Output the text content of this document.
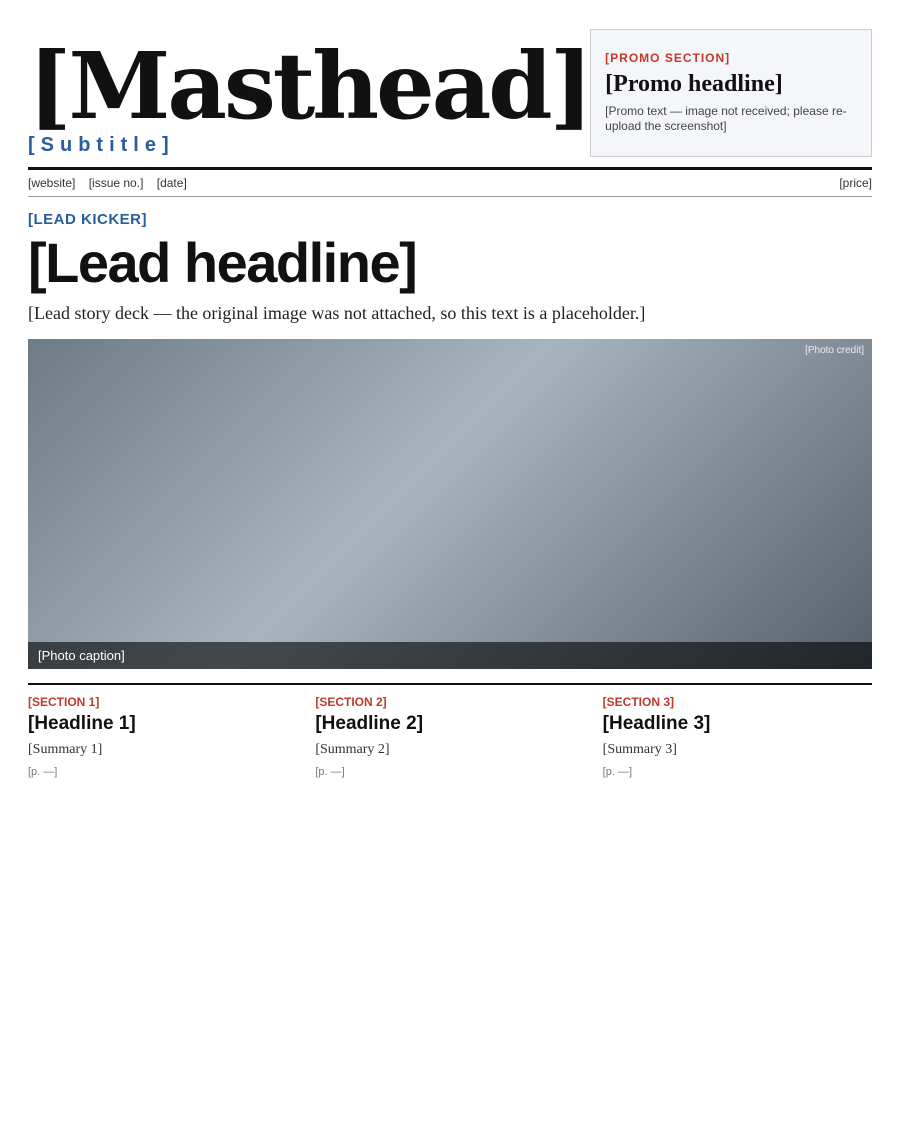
[Masthead]
[Subtitle]
[PROMO SECTION]
[Promo headline]
[Promo text — image not received; please re-upload the screenshot]
[website] [issue no.] [date]	[price]
[LEAD KICKER]
[Lead headline]

[Lead story deck — the original image was not attached, so this text is a placeholder.]

[Photo credit]
[Photo caption]
[SECTION 1]
[Headline 1]
[Summary 1]
[p. —]
[SECTION 2]
[Headline 2]
[Summary 2]
[p. —]
[SECTION 3]
[Headline 3]
[Summary 3]
[p. —]
